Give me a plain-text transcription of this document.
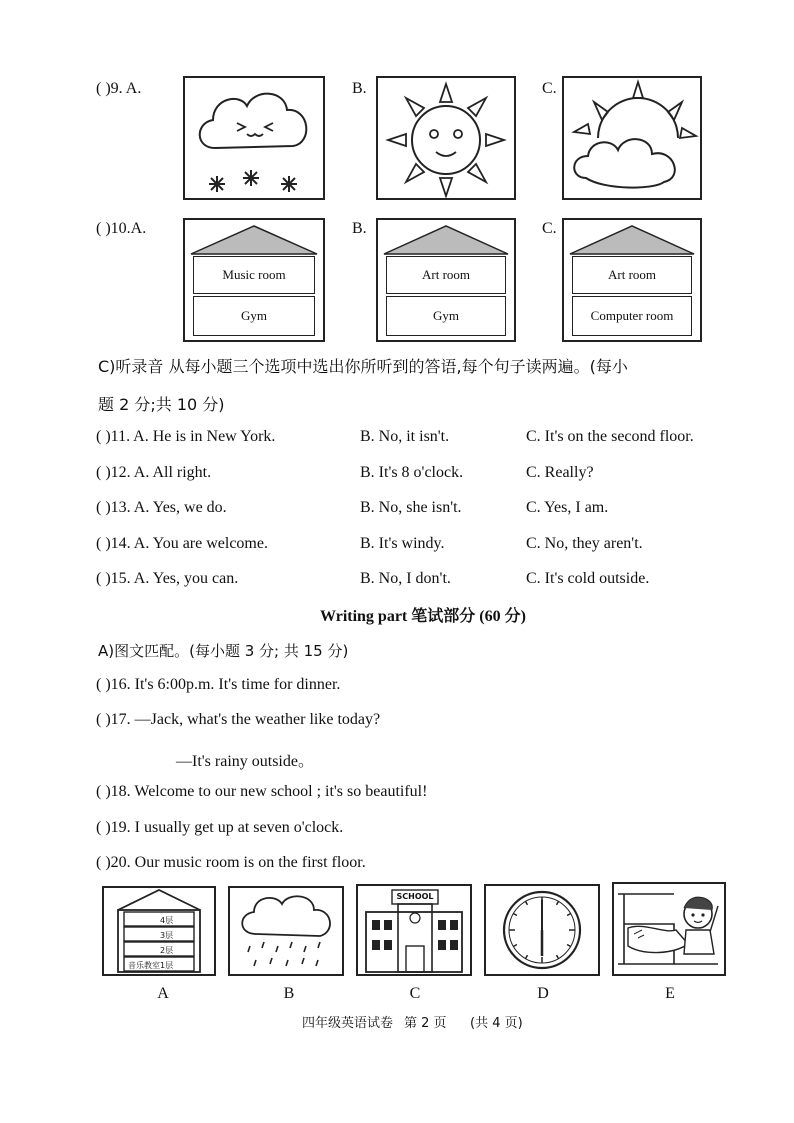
( )9. A.	B.	C.
( )10.A.
Music room
Gym
B.
Art room
Gym
C.
Art room
Computer room
C)听录音 从每小题三个选项中选出你所听到的答语,每个句子读两遍。(每小
题 2 分;共 10 分)
( )11. A. He is in New York.	B. No, it isn't.	C. It's on the second floor.
( )12. A. All right.	B. It's 8 o'clock.	C. Really?
( )13. A. Yes, we do.	B. No, she isn't.	C. Yes, I am.
( )14. A. You are welcome.	B. It's windy.	C. No, they aren't.
( )15. A. Yes, you can.	B. No, I don't.	C. It's cold outside.
Writing part 笔试部分 (60 分)
A)图文匹配。(每小题 3 分; 共 15 分)
( )16. It's 6:00p.m. It's time for dinner.
( )17. —Jack, what's the weather like today?
—It's rainy outside。
( )18. Welcome to our new school ; it's so beautiful!
( )19. I usually get up at seven o'clock.
( )20. Our music room is on the first floor.
4层
3层
2层
音乐教室1层
A	B
SCHOOL
C	D	E
四年级英语试卷 第 2 页 (共 4 页)
